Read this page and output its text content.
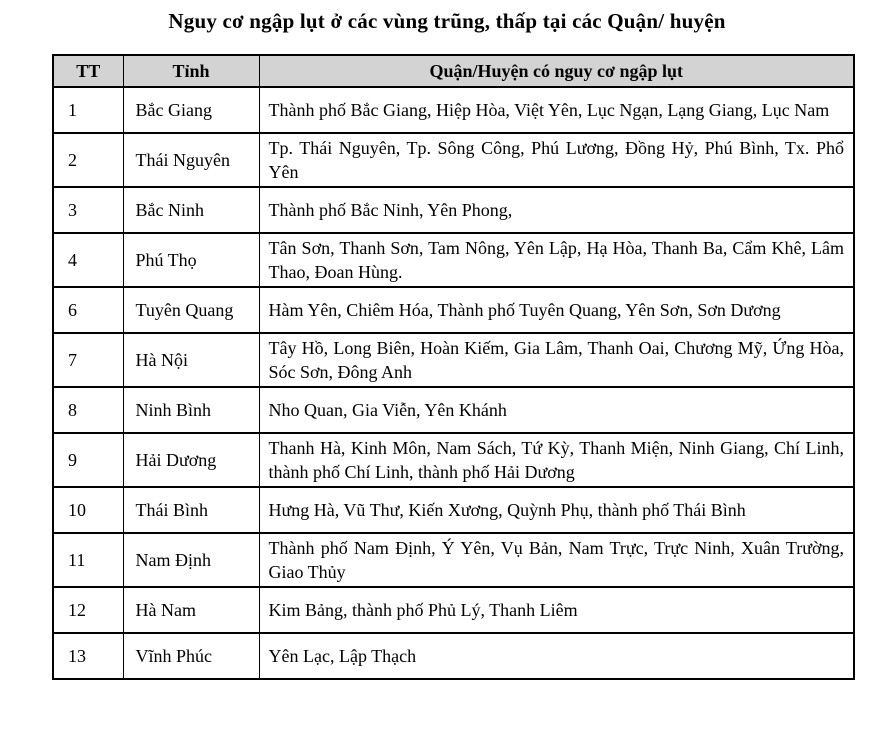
Nguy cơ ngập lụt ở các vùng trũng, thấp tại các Quận/ huyện
TT	Tỉnh	Quận/Huyện có nguy cơ ngập lụt
1	Bắc Giang	Thành phố Bắc Giang, Hiệp Hòa, Việt Yên, Lục Ngạn, Lạng Giang, Lục Nam
2	Thái Nguyên	Tp. Thái Nguyên, Tp. Sông Công, Phú Lương, Đồng Hỷ, Phú Bình, Tx. Phổ Yên
3	Bắc Ninh	Thành phố Bắc Ninh, Yên Phong,
4	Phú Thọ	Tân Sơn, Thanh Sơn, Tam Nông, Yên Lập, Hạ Hòa, Thanh Ba, Cẩm Khê, Lâm Thao, Đoan Hùng.
6	Tuyên Quang	Hàm Yên, Chiêm Hóa, Thành phố Tuyên Quang, Yên Sơn, Sơn Dương
7	Hà Nội	Tây Hồ, Long Biên, Hoàn Kiếm, Gia Lâm, Thanh Oai, Chương Mỹ, Ứng Hòa, Sóc Sơn, Đông Anh
8	Ninh Bình	Nho Quan, Gia Viễn, Yên Khánh
9	Hải Dương	Thanh Hà, Kinh Môn, Nam Sách, Tứ Kỳ, Thanh Miện, Ninh Giang, Chí Linh, thành phố Chí Linh, thành phố Hải Dương
10	Thái Bình	Hưng Hà, Vũ Thư, Kiến Xương, Quỳnh Phụ, thành phố Thái Bình
11	Nam Định	Thành phố Nam Định, Ý Yên, Vụ Bản, Nam Trực, Trực Ninh, Xuân Trường, Giao Thủy
12	Hà Nam	Kim Bảng, thành phố Phủ Lý, Thanh Liêm
13	Vĩnh Phúc	Yên Lạc, Lập Thạch
